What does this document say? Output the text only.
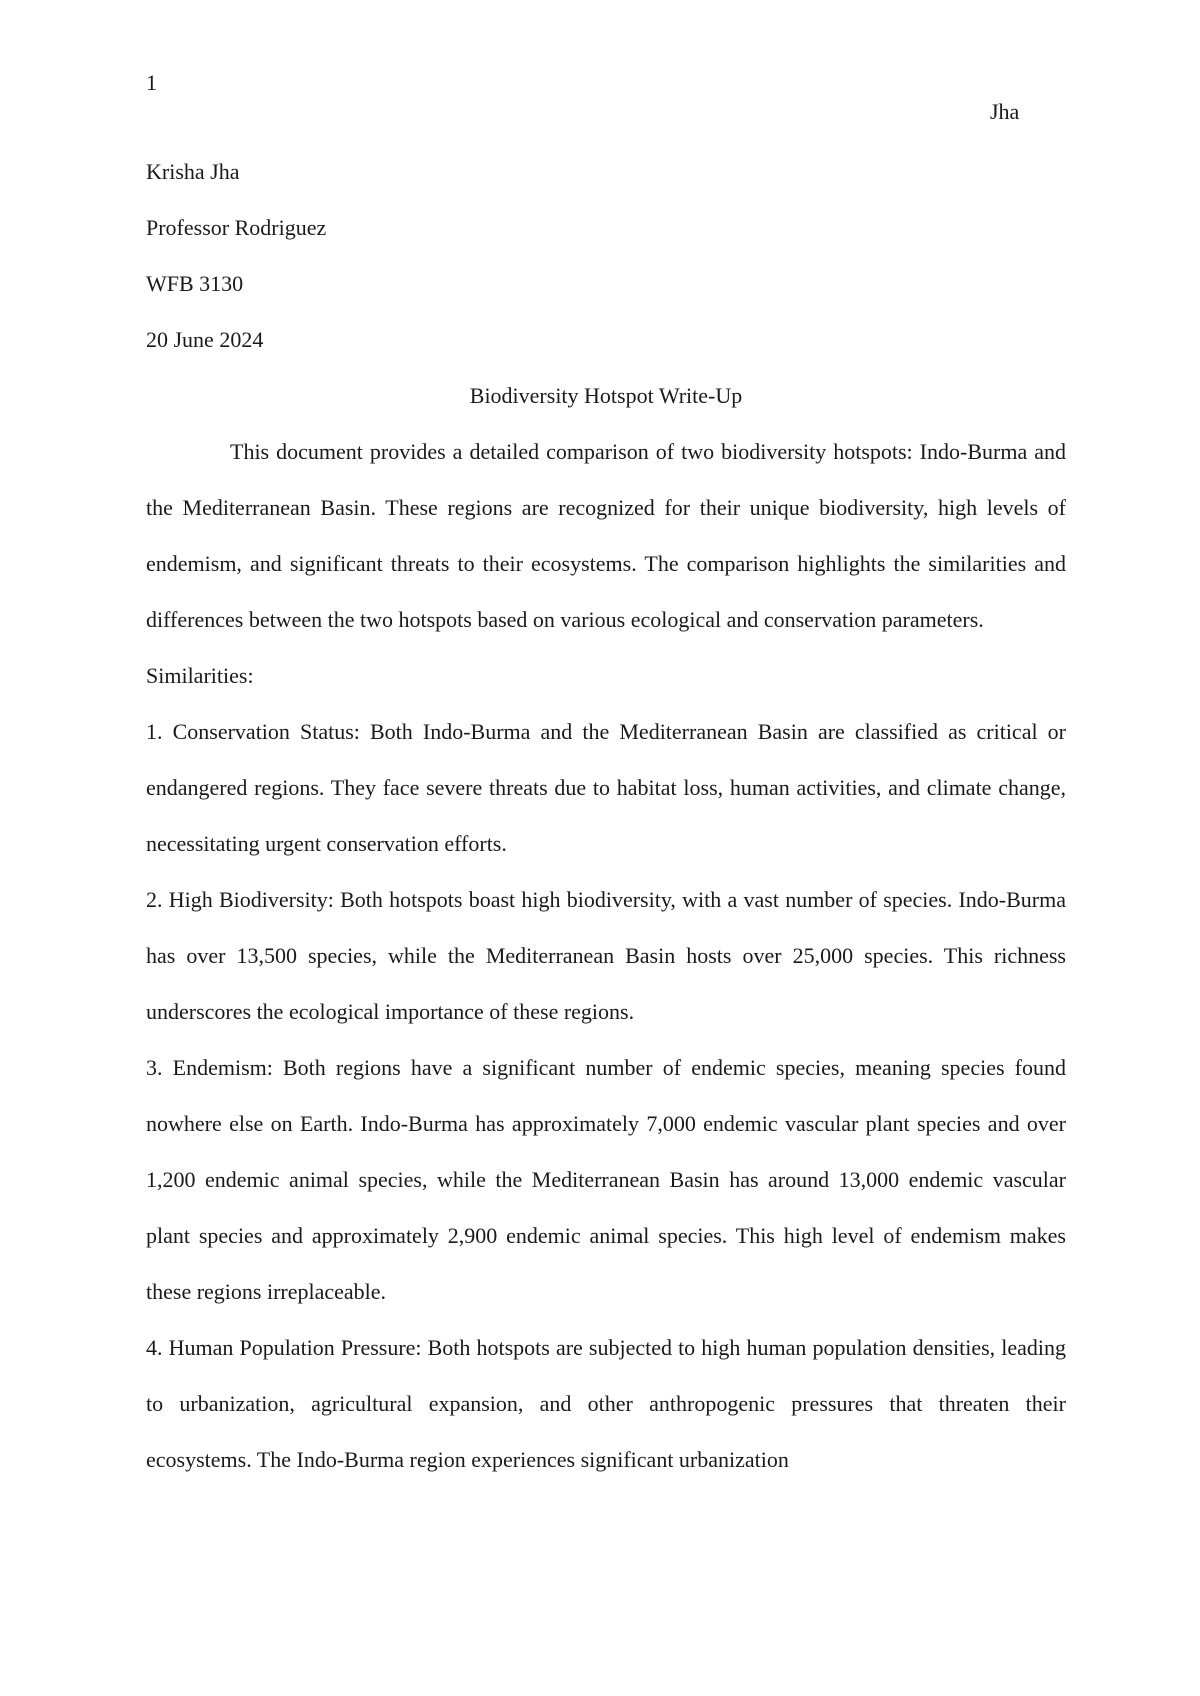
1
Jha

Krisha Jha

Professor Rodriguez

WFB 3130

20 June 2024

Biodiversity Hotspot Write-Up

This document provides a detailed comparison of two biodiversity hotspots: Indo-Burma and the Mediterranean Basin. These regions are recognized for their unique biodiversity, high levels of endemism, and significant threats to their ecosystems. The comparison highlights the similarities and differences between the two hotspots based on various ecological and conservation parameters.

Similarities:

1. Conservation Status: Both Indo-Burma and the Mediterranean Basin are classified as critical or endangered regions. They face severe threats due to habitat loss, human activities, and climate change, necessitating urgent conservation efforts.

2. High Biodiversity: Both hotspots boast high biodiversity, with a vast number of species. Indo-Burma has over 13,500 species, while the Mediterranean Basin hosts over 25,000 species. This richness underscores the ecological importance of these regions.

3. Endemism: Both regions have a significant number of endemic species, meaning species found nowhere else on Earth. Indo-Burma has approximately 7,000 endemic vascular plant species and over 1,200 endemic animal species, while the Mediterranean Basin has around 13,000 endemic vascular plant species and approximately 2,900 endemic animal species. This high level of endemism makes these regions irreplaceable.

4. Human Population Pressure: Both hotspots are subjected to high human population densities, leading to urbanization, agricultural expansion, and other anthropogenic pressures that threaten their ecosystems. The Indo-Burma region experiences significant urbanization
